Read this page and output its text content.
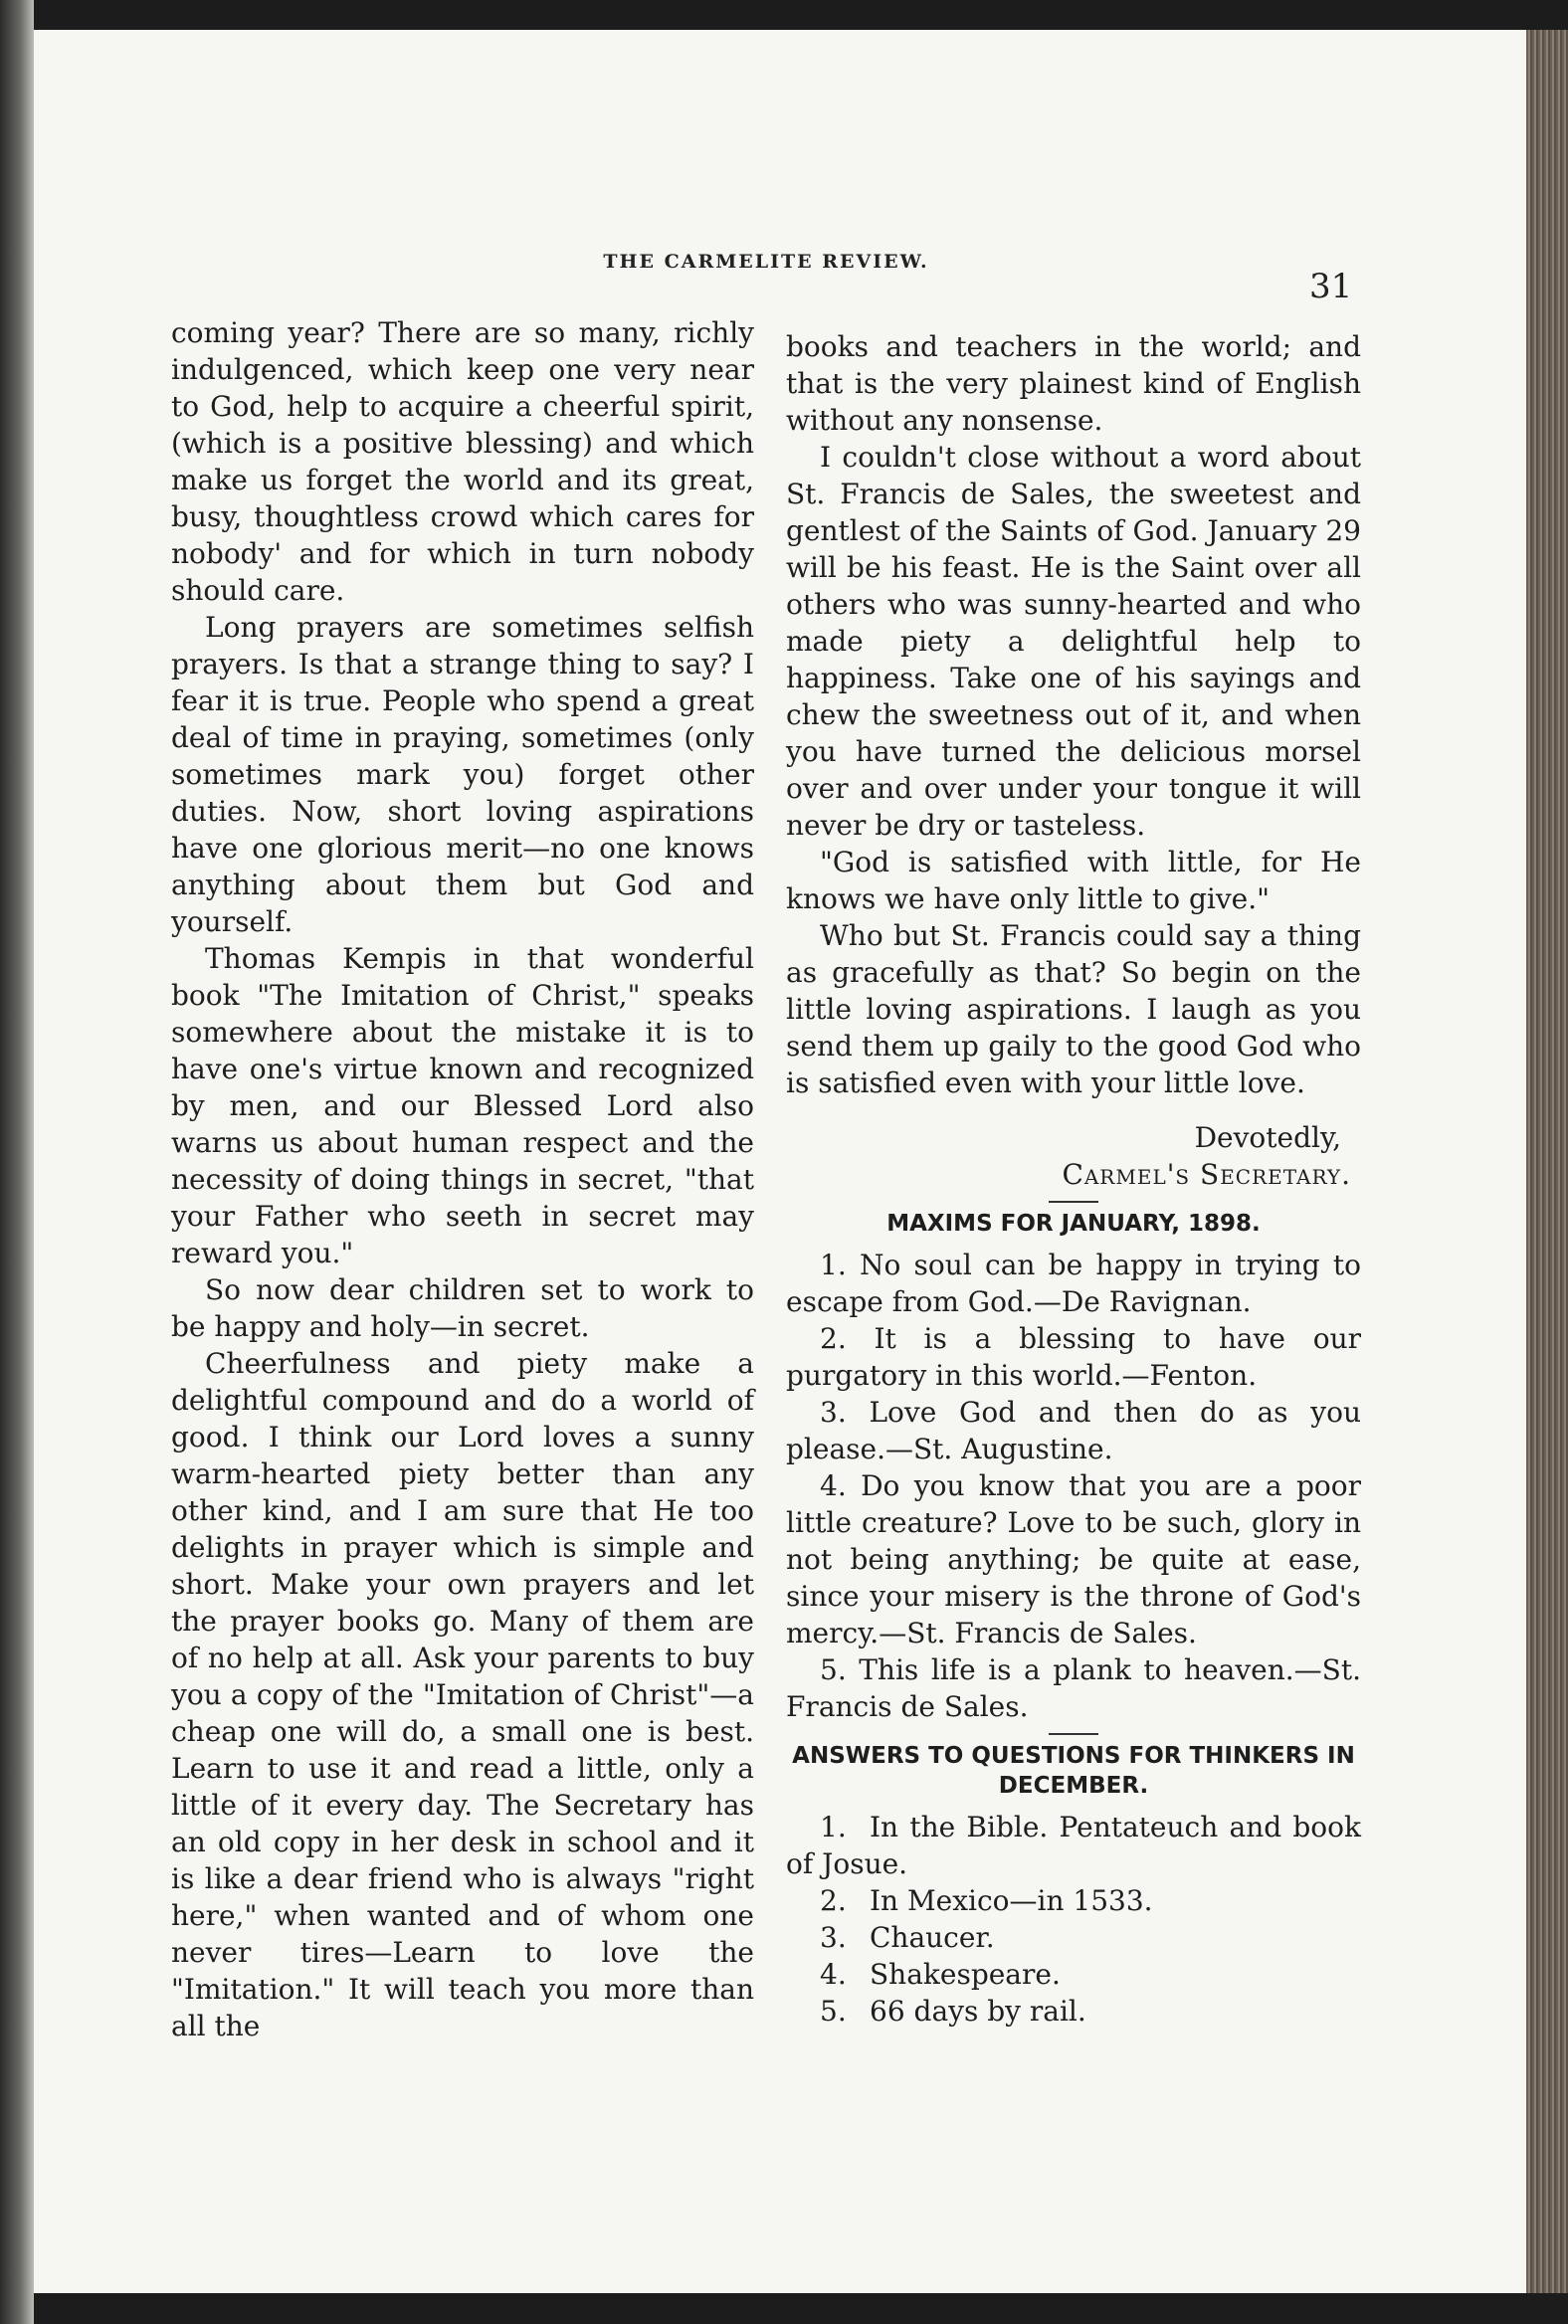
THE CARMELITE REVIEW.
31

coming year? There are so many, richly indulgenced, which keep one very near to God, help to acquire a cheerful spirit, (which is a positive blessing) and which make us forget the world and its great, busy, thoughtless crowd which cares for nobody' and for which in turn nobody should care.

Long prayers are sometimes selfish prayers. Is that a strange thing to say? I fear it is true. People who spend a great deal of time in praying, sometimes (only sometimes mark you) forget other duties. Now, short loving aspirations have one glorious merit—no one knows anything about them but God and yourself.

Thomas Kempis in that wonderful book "The Imitation of Christ," speaks somewhere about the mistake it is to have one's virtue known and recognized by men, and our Blessed Lord also warns us about human respect and the necessity of doing things in secret, "that your Father who seeth in secret may reward you."

So now dear children set to work to be happy and holy—in secret.

Cheerfulness and piety make a delightful compound and do a world of good. I think our Lord loves a sunny warm-hearted piety better than any other kind, and I am sure that He too delights in prayer which is simple and short. Make your own prayers and let the prayer books go. Many of them are of no help at all. Ask your parents to buy you a copy of the "Imitation of Christ"—a cheap one will do, a small one is best. Learn to use it and read a little, only a little of it every day. The Secretary has an old copy in her desk in school and it is like a dear friend who is always "right here," when wanted and of whom one never tires—Learn to love the "Imitation." It will teach you more than all the

books and teachers in the world; and that is the very plainest kind of English without any nonsense.

I couldn't close without a word about St. Francis de Sales, the sweetest and gentlest of the Saints of God. January 29 will be his feast. He is the Saint over all others who was sunny-hearted and who made piety a delightful help to happiness. Take one of his sayings and chew the sweetness out of it, and when you have turned the delicious morsel over and over under your tongue it will never be dry or tasteless.

"God is satisfied with little, for He knows we have only little to give."

Who but St. Francis could say a thing as gracefully as that? So begin on the little loving aspirations. I laugh as you send them up gaily to the good God who is satisfied even with your little love.

Devotedly,
Carmel's Secretary.
MAXIMS FOR JANUARY, 1898.

1. No soul can be happy in trying to escape from God.—De Ravignan.

2. It is a blessing to have our purgatory in this world.—Fenton.

3. Love God and then do as you please.—St. Augustine.

4. Do you know that you are a poor little creature? Love to be such, glory in not being anything; be quite at ease, since your misery is the throne of God's mercy.—St. Francis de Sales.

5. This life is a plank to heaven.—St. Francis de Sales.

ANSWERS TO QUESTIONS FOR THINKERS IN DECEMBER.

1. In the Bible. Pentateuch and book of Josue.

2. In Mexico—in 1533.

3. Chaucer.

4. Shakespeare.

5. 66 days by rail.
